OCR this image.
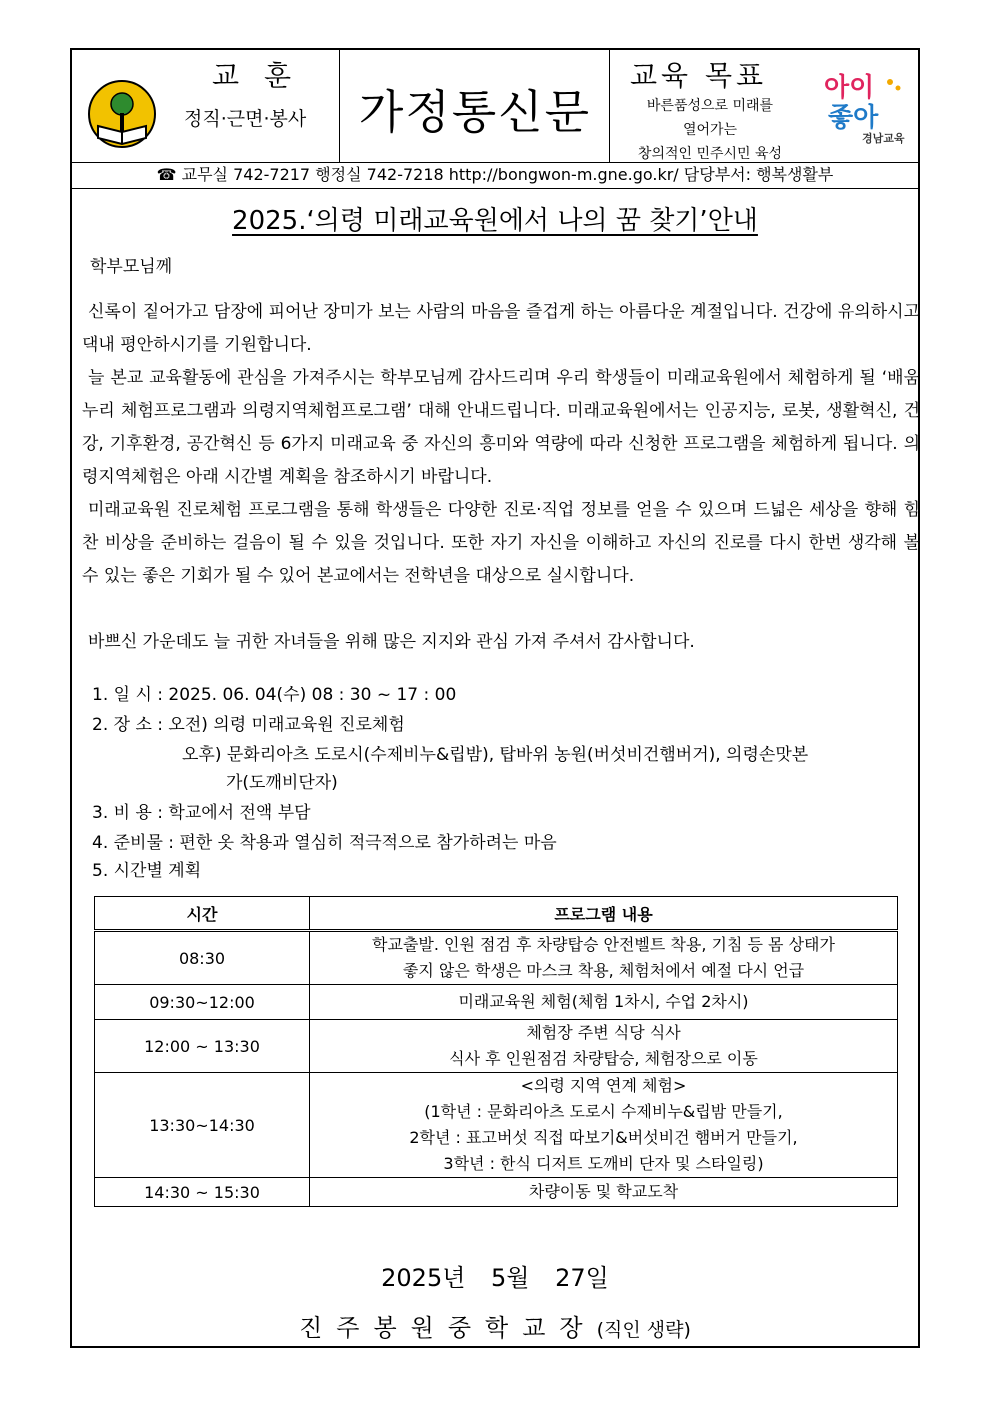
교 훈
정직·근면·봉사	가정통신문
교육 목표
바른품성으로 미래를
열어가는
창의적인 민주시민 육성
아이
좋아
경남교육
☎ 교무실 742-7217 행정실 742-7218 http://bongwon-m.gne.go.kr/ 담당부서: 행복생활부
2025.‘의령 미래교육원에서 나의 꿈 찾기’안내
학부모님께

신록이 짙어가고 담장에 피어난 장미가 보는 사람의 마음을 즐겁게 하는 아름다운 계절입니다. 건강에 유의하시고 댁내 평안하시기를 기원합니다.

늘 본교 교육활동에 관심을 가져주시는 학부모님께 감사드리며 우리 학생들이 미래교육원에서 체험하게 될 ‘배움누리 체험프로그램과 의령지역체험프로그램’ 대해 안내드립니다. 미래교육원에서는 인공지능, 로봇, 생활혁신, 건강, 기후환경, 공간혁신 등 6가지 미래교육 중 자신의 흥미와 역량에 따라 신청한 프로그램을 체험하게 됩니다. 의령지역체험은 아래 시간별 계획을 참조하시기 바랍니다.

미래교육원 진로체험 프로그램을 통해 학생들은 다양한 진로·직업 정보를 얻을 수 있으며 드넓은 세상을 향해 힘찬 비상을 준비하는 걸음이 될 수 있을 것입니다. 또한 자기 자신을 이해하고 자신의 진로를 다시 한번 생각해 볼 수 있는 좋은 기회가 될 수 있어 본교에서는 전학년을 대상으로 실시합니다.

바쁘신 가운데도 늘 귀한 자녀들을 위해 많은 지지와 관심 가져 주셔서 감사합니다.

1. 일 시 : 2025. 06. 04(수) 08 : 30 ~ 17 : 00
2. 장 소 : 오전) 의령 미래교육원 진로체험
오후) 문화리아츠 도로시(수제비누&립밤), 탑바위 농원(버섯비건햄버거), 의령손맛본
가(도깨비단자)
3. 비 용 : 학교에서 전액 부담
4. 준비물 : 편한 옷 착용과 열심히 적극적으로 참가하려는 마음
5. 시간별 계획
시간	프로그램 내용
08:30	학교출발. 인원 점검 후 차량탑승 안전벨트 착용, 기침 등 몸 상태가
좋지 않은 학생은 마스크 착용, 체험처에서 예절 다시 언급

09:30~12:00	미래교육원 체험(체험 1차시, 수업 2차시)

12:00 ~ 13:30	체험장 주변 식당 식사
식사 후 인원점검 차량탑승, 체험장으로 이동

13:30~14:30	<의령 지역 연계 체험>
(1학년 : 문화리아츠 도로시 수제비누&립밤 만들기,
2학년 : 표고버섯 직접 따보기&버섯비건 햄버거 만들기,
3학년 : 한식 디저트 도깨비 단자 및 스타일링)

14:30 ~ 15:30	차량이동 및 학교도착
2025년 5월 27일
진주봉원중학교장(직인 생략)
